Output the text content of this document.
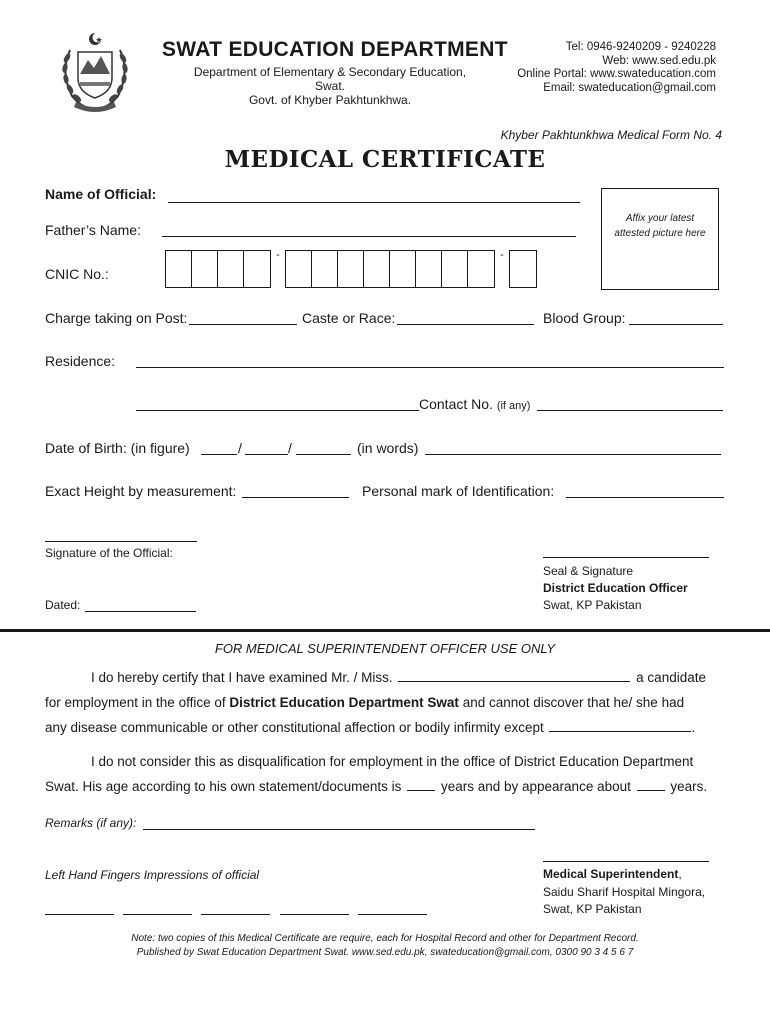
SWAT EDUCATION DEPARTMENT
Department of Elementary & Secondary Education, Swat.
Govt. of Khyber Pakhtunkhwa.
Tel: 0946-9240209 - 9240228
Web: www.sed.edu.pk
Online Portal: www.swateducation.com
Email: swateducation@gmail.com
Khyber Pakhtunkhwa Medical Form No. 4
MEDICAL CERTIFICATE
Affix your latest
attested picture here
Name of Official:
Father’s Name:
CNIC No.:
-	-
Charge taking on Post:	Caste or Race:	Blood Group:
Residence:
Contact No. (if any)
Date of Birth: (in figure)	/	/	(in words)
Exact Height by measurement:	Personal mark of Identification:
Signature of the Official:
Dated:
Seal & Signature
District Education Officer
Swat, KP Pakistan
FOR MEDICAL SUPERINTENDENT OFFICER USE ONLY
I do hereby certify that I have examined Mr. / Miss.	a candidate
for employment in the office of District Education Department Swat and cannot discover that he/ she had
any disease communicable or other constitutional affection or bodily infirmity except	.
I do not consider this as disqualification for employment in the office of District Education Department
Swat. His age according to his own statement/documents is	years and by appearance about	years.
Remarks (if any):
Left Hand Fingers Impressions of official	Medical Superintendent,
Saidu Sharif Hospital Mingora,
Swat, KP Pakistan
Note: two copies of this Medical Certificate are require, each for Hospital Record and other for Department Record.
Published by Swat Education Department Swat. www.sed.edu.pk, swateducation@gmail.com, 0300 90 3 4 5 6 7
